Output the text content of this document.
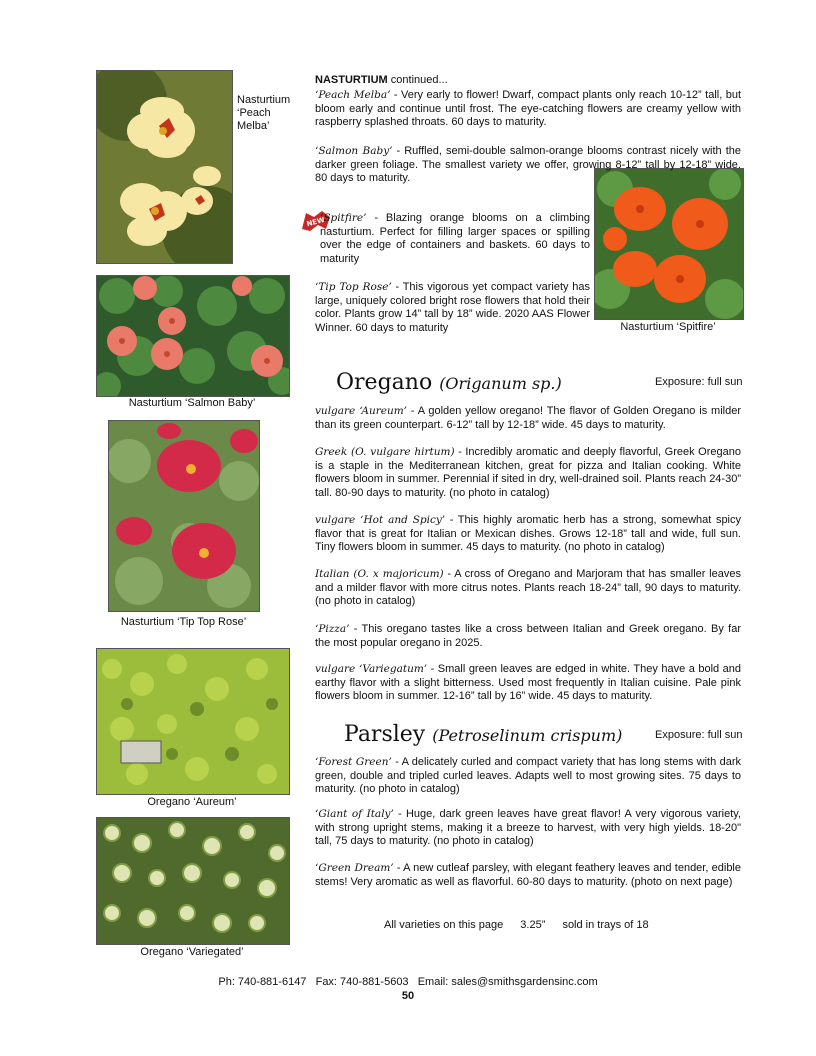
Nasturtium ‘Peach Melba’
Nasturtium ‘Salmon Baby’
Nasturtium ‘Tip Top Rose’
Oregano ‘Aureum’
Oregano ‘Variegated’
Nasturtium ‘Spitfire’
NASTURTIUM continued...
‘Peach Melba’ - Very early to flower! Dwarf, compact plants only reach 10-12” tall, but bloom early and continue until frost. The eye-catching flowers are creamy yellow with raspberry splashed throats. 60 days to maturity.
‘Salmon Baby’ - Ruffled, semi-double salmon-orange blooms contrast nicely with the darker green foliage. The smallest variety we offer, growing 8-12” tall by 12-18” wide. 80 days to maturity.
NEW
‘Spitfire’ - Blazing orange blooms on a climbing nasturtium. Perfect for filling larger spaces or spilling over the edge of containers and baskets. 60 days to maturity
‘Tip Top Rose’ - This vigorous yet compact variety has large, uniquely colored bright rose flowers that hold their color. Plants grow 14” tall by 18” wide. 2020 AAS Flower Winner. 60 days to maturity
Oregano (Origanum sp.)	Exposure: full sun
vulgare ‘Aureum’ - A golden yellow oregano! The flavor of Golden Oregano is milder than its green counterpart. 6-12” tall by 12-18” wide. 45 days to maturity.
Greek (O. vulgare hirtum) - Incredibly aromatic and deeply flavorful, Greek Oregano is a staple in the Mediterranean kitchen, great for pizza and Italian cooking. White flowers bloom in summer. Perennial if sited in dry, well-drained soil. Plants reach 24-30” tall. 80-90 days to maturity. (no photo in catalog)
vulgare ‘Hot and Spicy’ - This highly aromatic herb has a strong, somewhat spicy flavor that is great for Italian or Mexican dishes. Grows 12-18” tall and wide, full sun. Tiny flowers bloom in summer. 45 days to maturity. (no photo in catalog)
Italian (O. x majoricum) - A cross of Oregano and Marjoram that has smaller leaves and a milder flavor with more citrus notes. Plants reach 18-24” tall, 90 days to maturity. (no photo in catalog)
‘Pizza’ - This oregano tastes like a cross between Italian and Greek oregano. By far the most popular oregano in 2025.
vulgare ‘Variegatum’ - Small green leaves are edged in white. They have a bold and earthy flavor with a slight bitterness. Used most frequently in Italian cuisine. Pale pink flowers bloom in summer. 12-16” tall by 16” wide. 45 days to maturity.
Parsley (Petroselinum crispum)	Exposure: full sun
‘Forest Green’ - A delicately curled and compact variety that has long stems with dark green, double and tripled curled leaves. Adapts well to most growing sites. 75 days to maturity. (no photo in catalog)
‘Giant of Italy’ - Huge, dark green leaves have great flavor! A very vigorous variety, with strong upright stems, making it a breeze to harvest, with very high yields. 18-20" tall, 75 days to maturity. (no photo in catalog)
‘Green Dream’ - A new cutleaf parsley, with elegant feathery leaves and tender, edible stems! Very aromatic as well as flavorful. 60-80 days to maturity. (photo on next page)
All varieties on this page 3.25” sold in trays of 18
Ph: 740-881-6147   Fax: 740-881-5603   Email: sales@smithsgardensinc.com
50
